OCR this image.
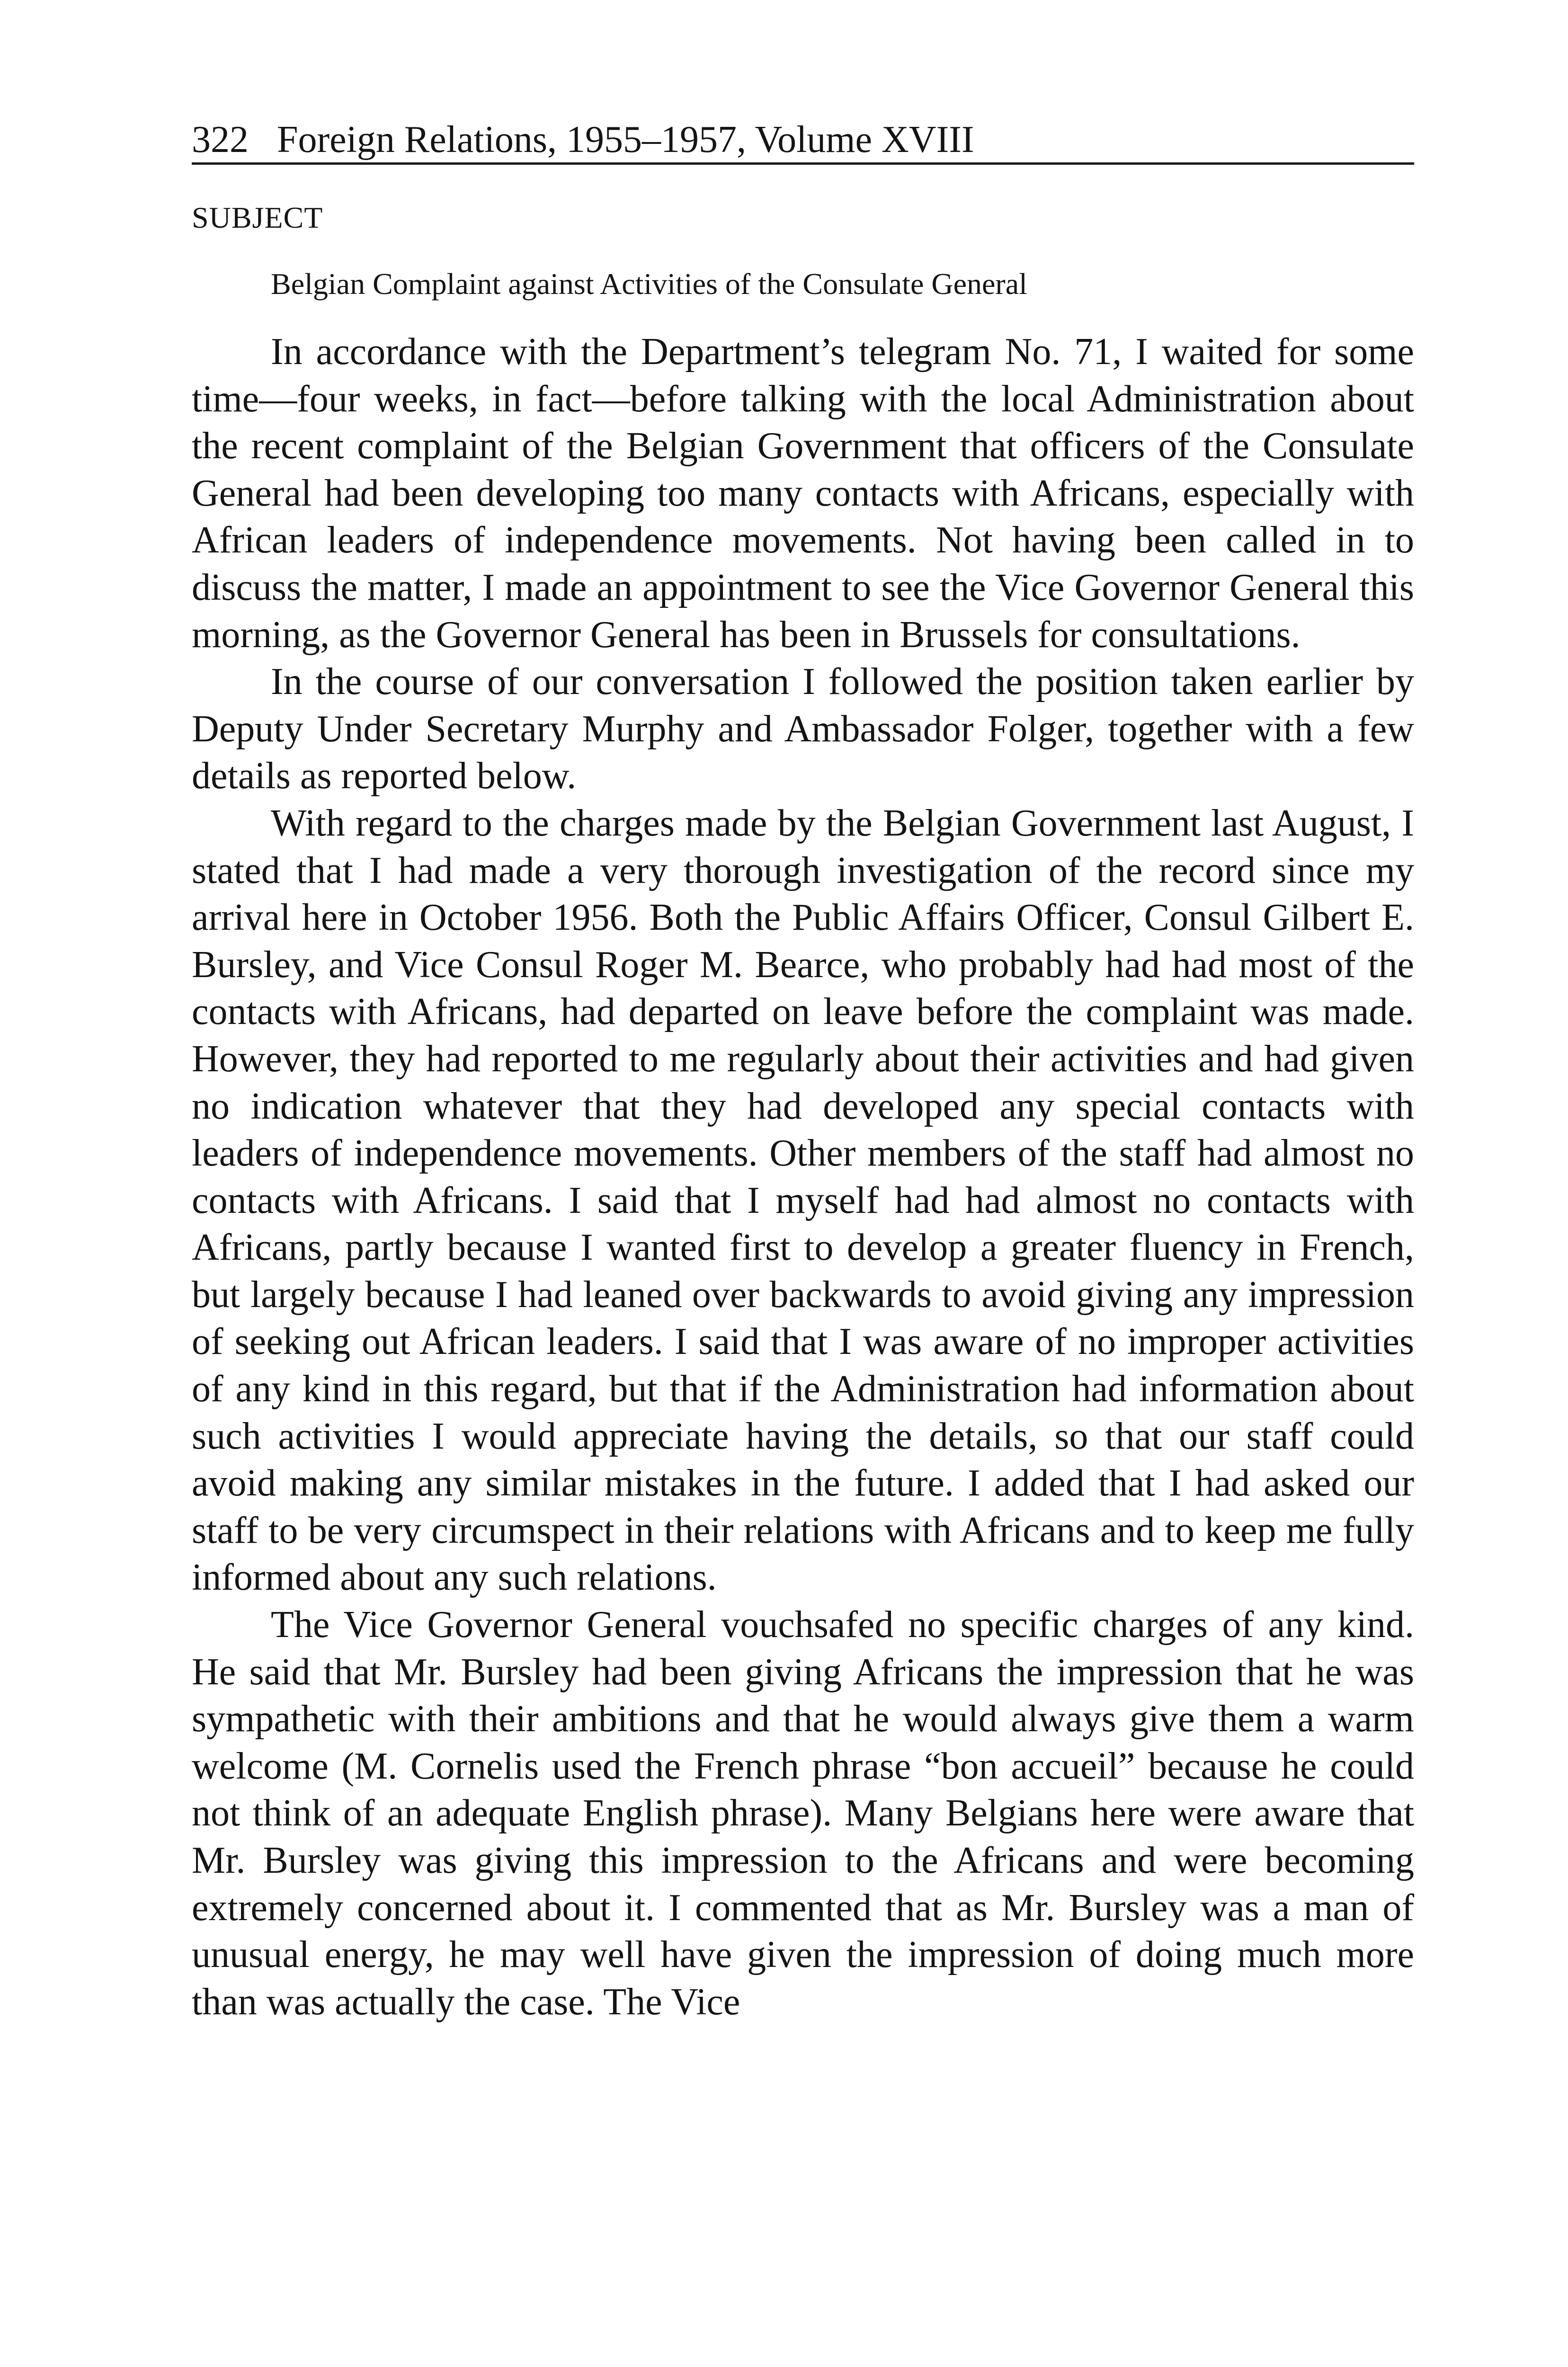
322 Foreign Relations, 1955–1957, Volume XVIII
SUBJECT
Belgian Complaint against Activities of the Consulate General

In accordance with the Department’s telegram No. 71, I waited for some time—four weeks, in fact—before talking with the local Administration about the recent complaint of the Belgian Government that officers of the Consulate General had been developing too many contacts with Africans, especially with African leaders of independence movements. Not having been called in to discuss the matter, I made an appointment to see the Vice Governor General this morning, as the Governor General has been in Brussels for consultations.

In the course of our conversation I followed the position taken earlier by Deputy Under Secretary Murphy and Ambassador Folger, together with a few details as reported below.

With regard to the charges made by the Belgian Government last August, I stated that I had made a very thorough investigation of the record since my arrival here in October 1956. Both the Public Affairs Officer, Consul Gilbert E. Bursley, and Vice Consul Roger M. Bearce, who probably had had most of the contacts with Africans, had departed on leave before the complaint was made. However, they had reported to me regularly about their activities and had given no indication whatever that they had developed any special contacts with leaders of independence movements. Other members of the staff had almost no contacts with Africans. I said that I myself had had almost no contacts with Africans, partly because I wanted first to develop a greater fluency in French, but largely because I had leaned over backwards to avoid giving any impression of seeking out African leaders. I said that I was aware of no improper activities of any kind in this regard, but that if the Administration had information about such activities I would appreciate having the details, so that our staff could avoid making any similar mistakes in the future. I added that I had asked our staff to be very circumspect in their relations with Africans and to keep me fully informed about any such relations.

The Vice Governor General vouchsafed no specific charges of any kind. He said that Mr. Bursley had been giving Africans the impression that he was sympathetic with their ambitions and that he would always give them a warm welcome (M. Cornelis used the French phrase “bon accueil” because he could not think of an adequate English phrase). Many Belgians here were aware that Mr. Bursley was giving this impression to the Africans and were becoming extremely concerned about it. I commented that as Mr. Bursley was a man of unusual energy, he may well have given the impression of doing much more than was actually the case. The Vice
